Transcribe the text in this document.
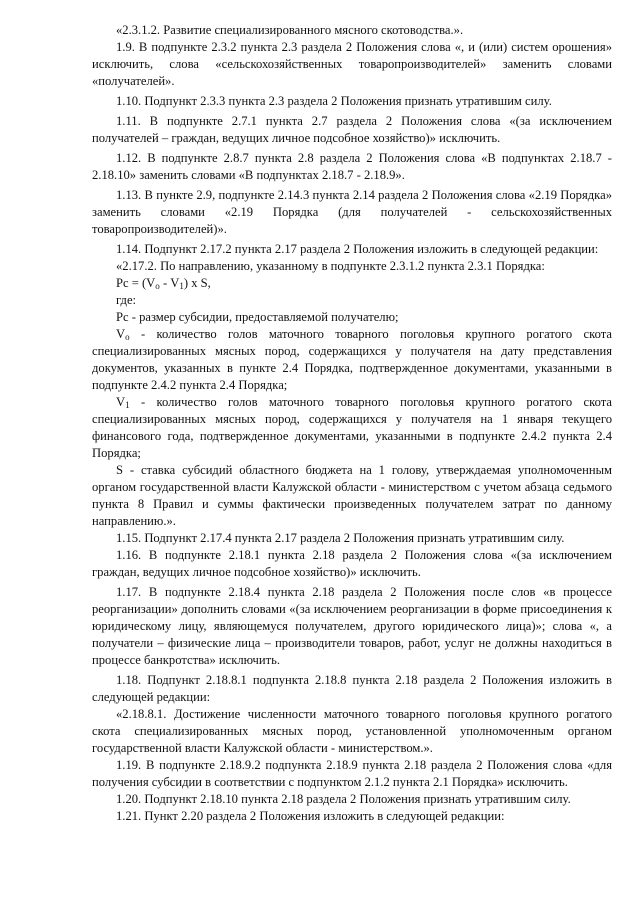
«2.3.1.2. Развитие специализированного мясного скотоводства.».

1.9. В подпункте 2.3.2 пункта 2.3 раздела 2 Положения слова «, и (или) систем орошения» исключить, слова «сельскохозяйственных товаропроизводителей» заменить словами «получателей».

1.10. Подпункт 2.3.3 пункта 2.3 раздела 2 Положения признать утратившим силу.

1.11. В подпункте 2.7.1 пункта 2.7 раздела 2 Положения слова «(за исключением получателей – граждан, ведущих личное подсобное хозяйство)» исключить.

1.12. В подпункте 2.8.7 пункта 2.8 раздела 2 Положения слова «В подпунктах 2.18.7 - 2.18.10» заменить словами «В подпунктах 2.18.7 - 2.18.9».

1.13. В пункте 2.9, подпункте 2.14.3 пункта 2.14 раздела 2 Положения слова «2.19 Порядка» заменить словами «2.19 Порядка (для получателей - сельскохозяйственных товаропроизводителей)».

1.14. Подпункт 2.17.2 пункта 2.17 раздела 2 Положения изложить в следующей редакции:

«2.17.2. По направлению, указанному в подпункте 2.3.1.2 пункта 2.3.1 Порядка:

Рс = $(V_о - V_1)$ x S,

где:

Рс - размер субсидии, предоставляемой получателю;

$V_о$ - количество голов маточного товарного поголовья крупного рогатого скота специализированных мясных пород, содержащихся у получателя на дату представления документов, указанных в пункте 2.4 Порядка, подтвержденное документами, указанными в подпункте 2.4.2 пункта 2.4 Порядка;

$V_1$ - количество голов маточного товарного поголовья крупного рогатого скота специализированных мясных пород, содержащихся у получателя на 1 января текущего финансового года, подтвержденное документами, указанными в подпункте 2.4.2 пункта 2.4 Порядка;

S - ставка субсидий областного бюджета на 1 голову, утверждаемая уполномоченным органом государственной власти Калужской области - министерством с учетом абзаца седьмого пункта 8 Правил и суммы фактически произведенных получателем затрат по данному направлению.».

1.15. Подпункт 2.17.4 пункта 2.17 раздела 2 Положения признать утратившим силу.

1.16. В подпункте 2.18.1 пункта 2.18 раздела 2 Положения слова «(за исключением граждан, ведущих личное подсобное хозяйство)» исключить.

1.17. В подпункте 2.18.4 пункта 2.18 раздела 2 Положения после слов «в процессе реорганизации» дополнить словами «(за исключением реорганизации в форме присоединения к юридическому лицу, являющемуся получателем, другого юридического лица)»; слова «, а получатели – физические лица – производители товаров, работ, услуг не должны находиться в процессе банкротства» исключить.

1.18. Подпункт 2.18.8.1 подпункта 2.18.8 пункта 2.18 раздела 2 Положения изложить в следующей редакции:

«2.18.8.1. Достижение численности маточного товарного поголовья крупного рогатого скота специализированных мясных пород, установленной уполномоченным органом государственной власти Калужской области - министерством.».

1.19. В подпункте 2.18.9.2 подпункта 2.18.9 пункта 2.18 раздела 2 Положения слова «для получения субсидии в соответствии с подпунктом 2.1.2 пункта 2.1 Порядка» исключить.

1.20. Подпункт 2.18.10 пункта 2.18 раздела 2 Положения признать утратившим силу.

1.21. Пункт 2.20 раздела 2 Положения изложить в следующей редакции:
